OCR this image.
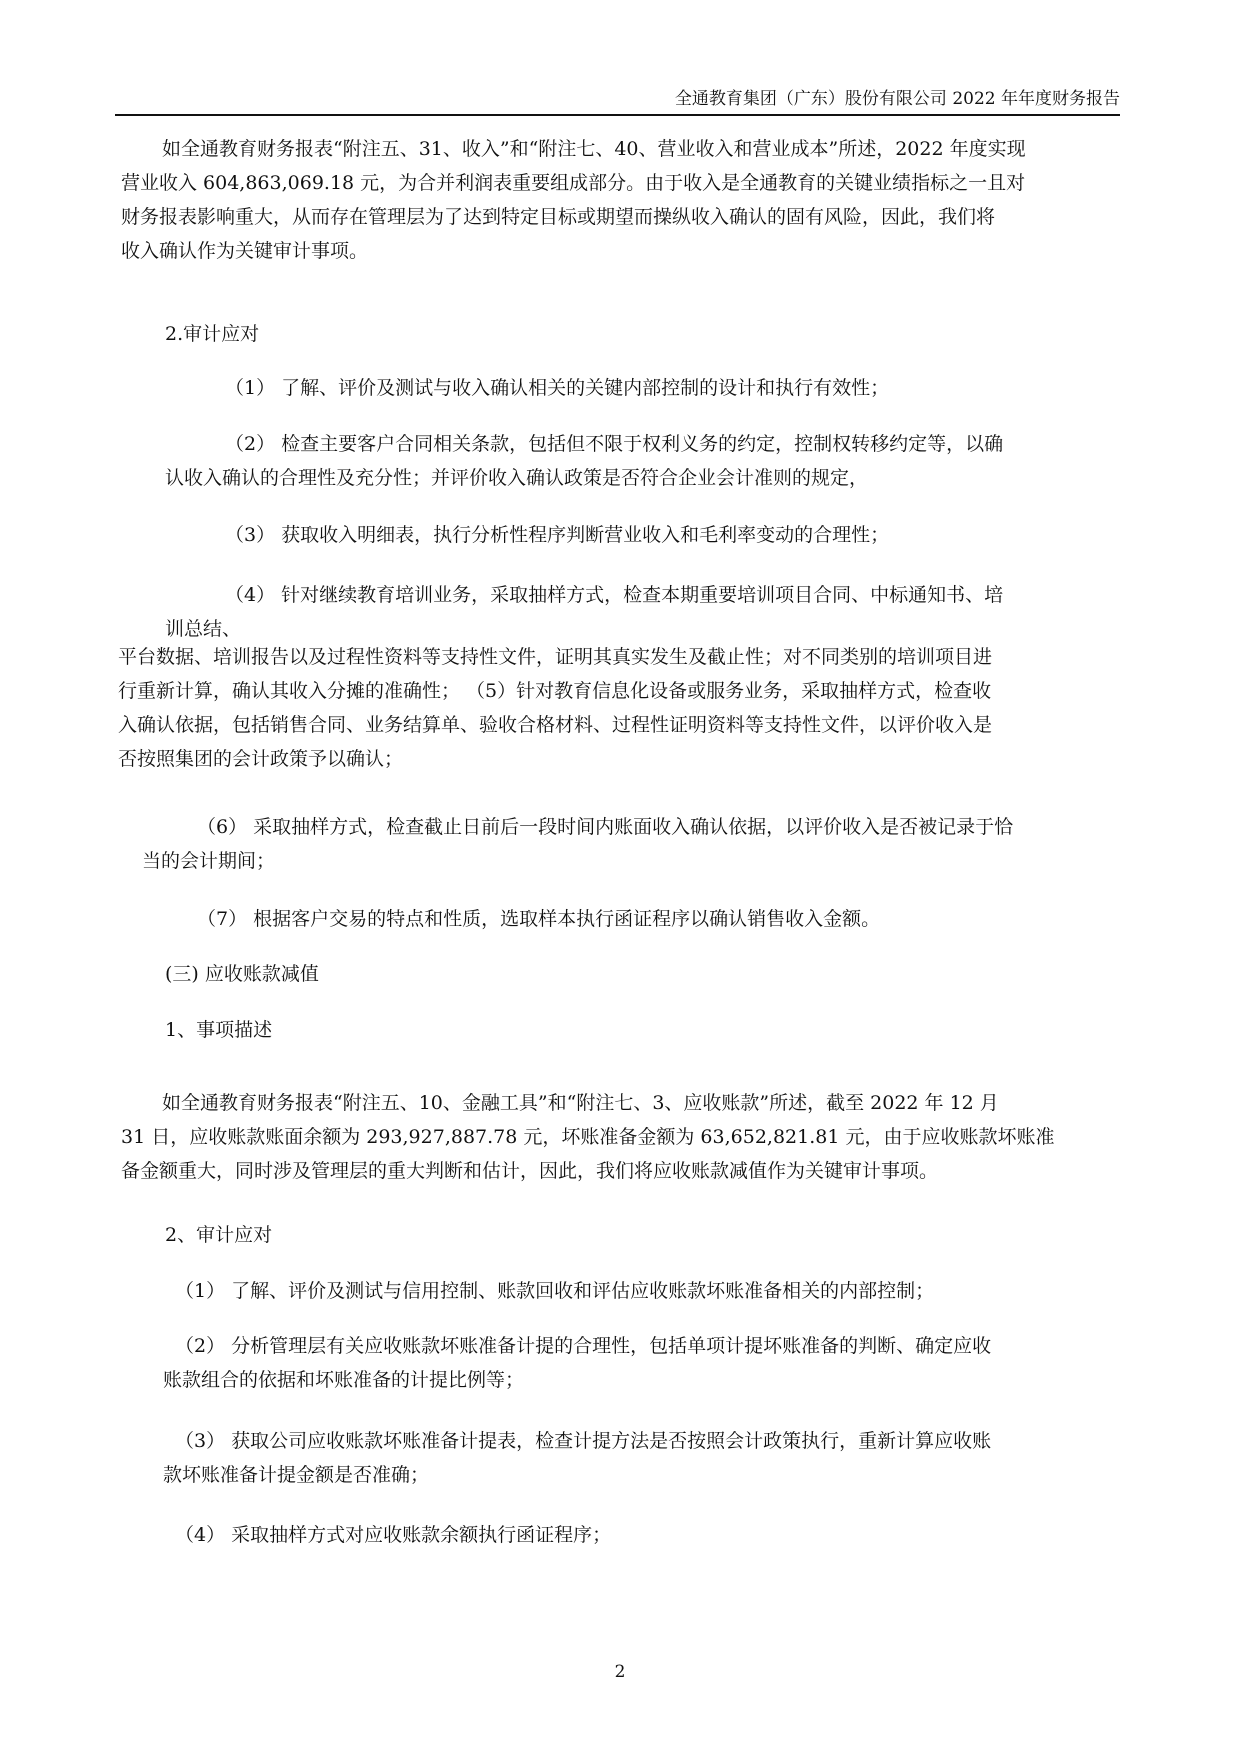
全通教育集团（广东）股份有限公司 2022 年年度财务报告
如全通教育财务报表“附注五、31、收入”和“附注七、40、营业收入和营业成本”所述，2022 年度实现
营业收入 604,863,069.18 元，为合并利润表重要组成部分。由于收入是全通教育的关键业绩指标之一且对
财务报表影响重大，从而存在管理层为了达到特定目标或期望而操纵收入确认的固有风险，因此，我们将
收入确认作为关键审计事项。
2.审计应对
（1） 了解、评价及测试与收入确认相关的关键内部控制的设计和执行有效性；
（2） 检查主要客户合同相关条款，包括但不限于权利义务的约定，控制权转移约定等，以确
认收入确认的合理性及充分性；并评价收入确认政策是否符合企业会计准则的规定，
（3） 获取收入明细表，执行分析性程序判断营业收入和毛利率变动的合理性；
（4） 针对继续教育培训业务，采取抽样方式，检查本期重要培训项目合同、中标通知书、培
训总结、
平台数据、培训报告以及过程性资料等支持性文件，证明其真实发生及截止性；对不同类别的培训项目进
行重新计算，确认其收入分摊的准确性； （5）针对教育信息化设备或服务业务，采取抽样方式，检查收
入确认依据，包括销售合同、业务结算单、验收合格材料、过程性证明资料等支持性文件，以评价收入是
否按照集团的会计政策予以确认；
（6） 采取抽样方式，检查截止日前后一段时间内账面收入确认依据，以评价收入是否被记录于恰
当的会计期间；
（7） 根据客户交易的特点和性质，选取样本执行函证程序以确认销售收入金额。
(三) 应收账款减值
1、事项描述
如全通教育财务报表“附注五、10、金融工具”和“附注七、3、应收账款”所述，截至 2022 年 12 月
31 日，应收账款账面余额为 293,927,887.78 元，坏账准备金额为 63,652,821.81 元，由于应收账款坏账准
备金额重大，同时涉及管理层的重大判断和估计，因此，我们将应收账款减值作为关键审计事项。
2、审计应对
（1） 了解、评价及测试与信用控制、账款回收和评估应收账款坏账准备相关的内部控制；
（2） 分析管理层有关应收账款坏账准备计提的合理性，包括单项计提坏账准备的判断、确定应收
账款组合的依据和坏账准备的计提比例等；
（3） 获取公司应收账款坏账准备计提表，检查计提方法是否按照会计政策执行，重新计算应收账
款坏账准备计提金额是否准确；
（4） 采取抽样方式对应收账款余额执行函证程序；
2
